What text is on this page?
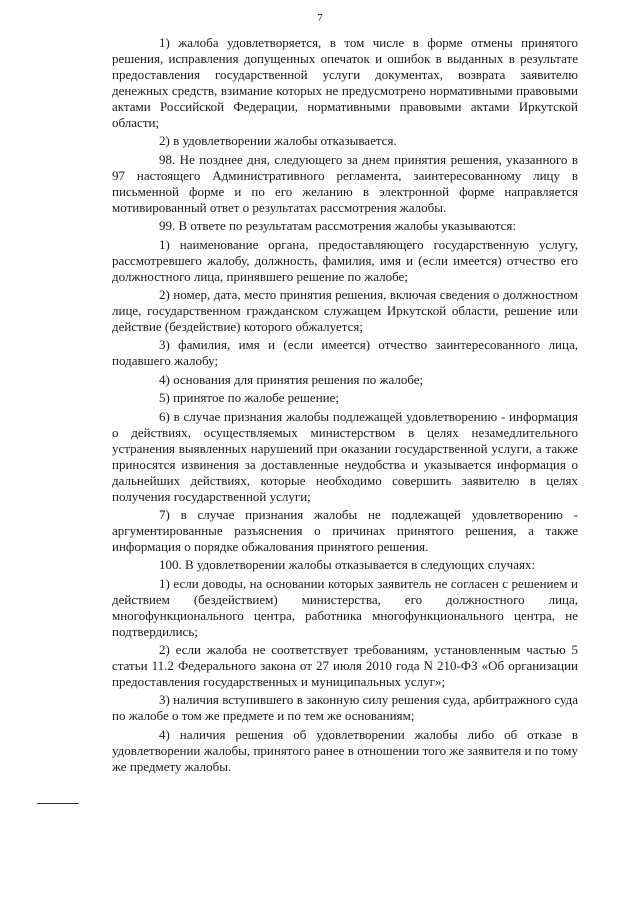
7

1) жалоба удовлетворяется, в том числе в форме отмены принятого решения, исправления допущенных опечаток и ошибок в выданных в результате предоставления государственной услуги документах, возврата заявителю денежных средств, взимание которых не предусмотрено нормативными правовыми актами Российской Федерации, нормативными правовыми актами Иркутской области;

2) в удовлетворении жалобы отказывается.

98. Не позднее дня, следующего за днем принятия решения, указанного в 97 настоящего Административного регламента, заинтересованному лицу в письменной форме и по его желанию в электронной форме направляется мотивированный ответ о результатах рассмотрения жалобы.

99. В ответе по результатам рассмотрения жалобы указываются:

1) наименование органа, предоставляющего государственную услугу, рассмотревшего жалобу, должность, фамилия, имя и (если имеется) отчество его должностного лица, принявшего решение по жалобе;

2) номер, дата, место принятия решения, включая сведения о должностном лице, государственном гражданском служащем Иркутской области, решение или действие (бездействие) которого обжалуется;

3) фамилия, имя и (если имеется) отчество заинтересованного лица, подавшего жалобу;

4) основания для принятия решения по жалобе;

5) принятое по жалобе решение;

6) в случае признания жалобы подлежащей удовлетворению - информация о действиях, осуществляемых министерством в целях незамедлительного устранения выявленных нарушений при оказании государственной услуги, а также приносятся извинения за доставленные неудобства и указывается информация о дальнейших действиях, которые необходимо совершить заявителю в целях получения государственной услуги;

7) в случае признания жалобы не подлежащей удовлетворению - аргументированные разъяснения о причинах принятого решения, а также информация о порядке обжалования принятого решения.

100. В удовлетворении жалобы отказывается в следующих случаях:

1) если доводы, на основании которых заявитель не согласен с решением и действием (бездействием) министерства, его должностного лица, многофункционального центра, работника многофункционального центра, не подтвердились;

2) если жалоба не соответствует требованиям, установленным частью 5 статьи 11.2 Федерального закона от 27 июля 2010 года N 210-ФЗ «Об организации предоставления государственных и муниципальных услуг»;

3) наличия вступившего в законную силу решения суда, арбитражного суда по жалобе о том же предмете и по тем же основаниям;

4) наличия решения об удовлетворении жалобы либо об отказе в удовлетворении жалобы, принятого ранее в отношении того же заявителя и по тому же предмету жалобы.
